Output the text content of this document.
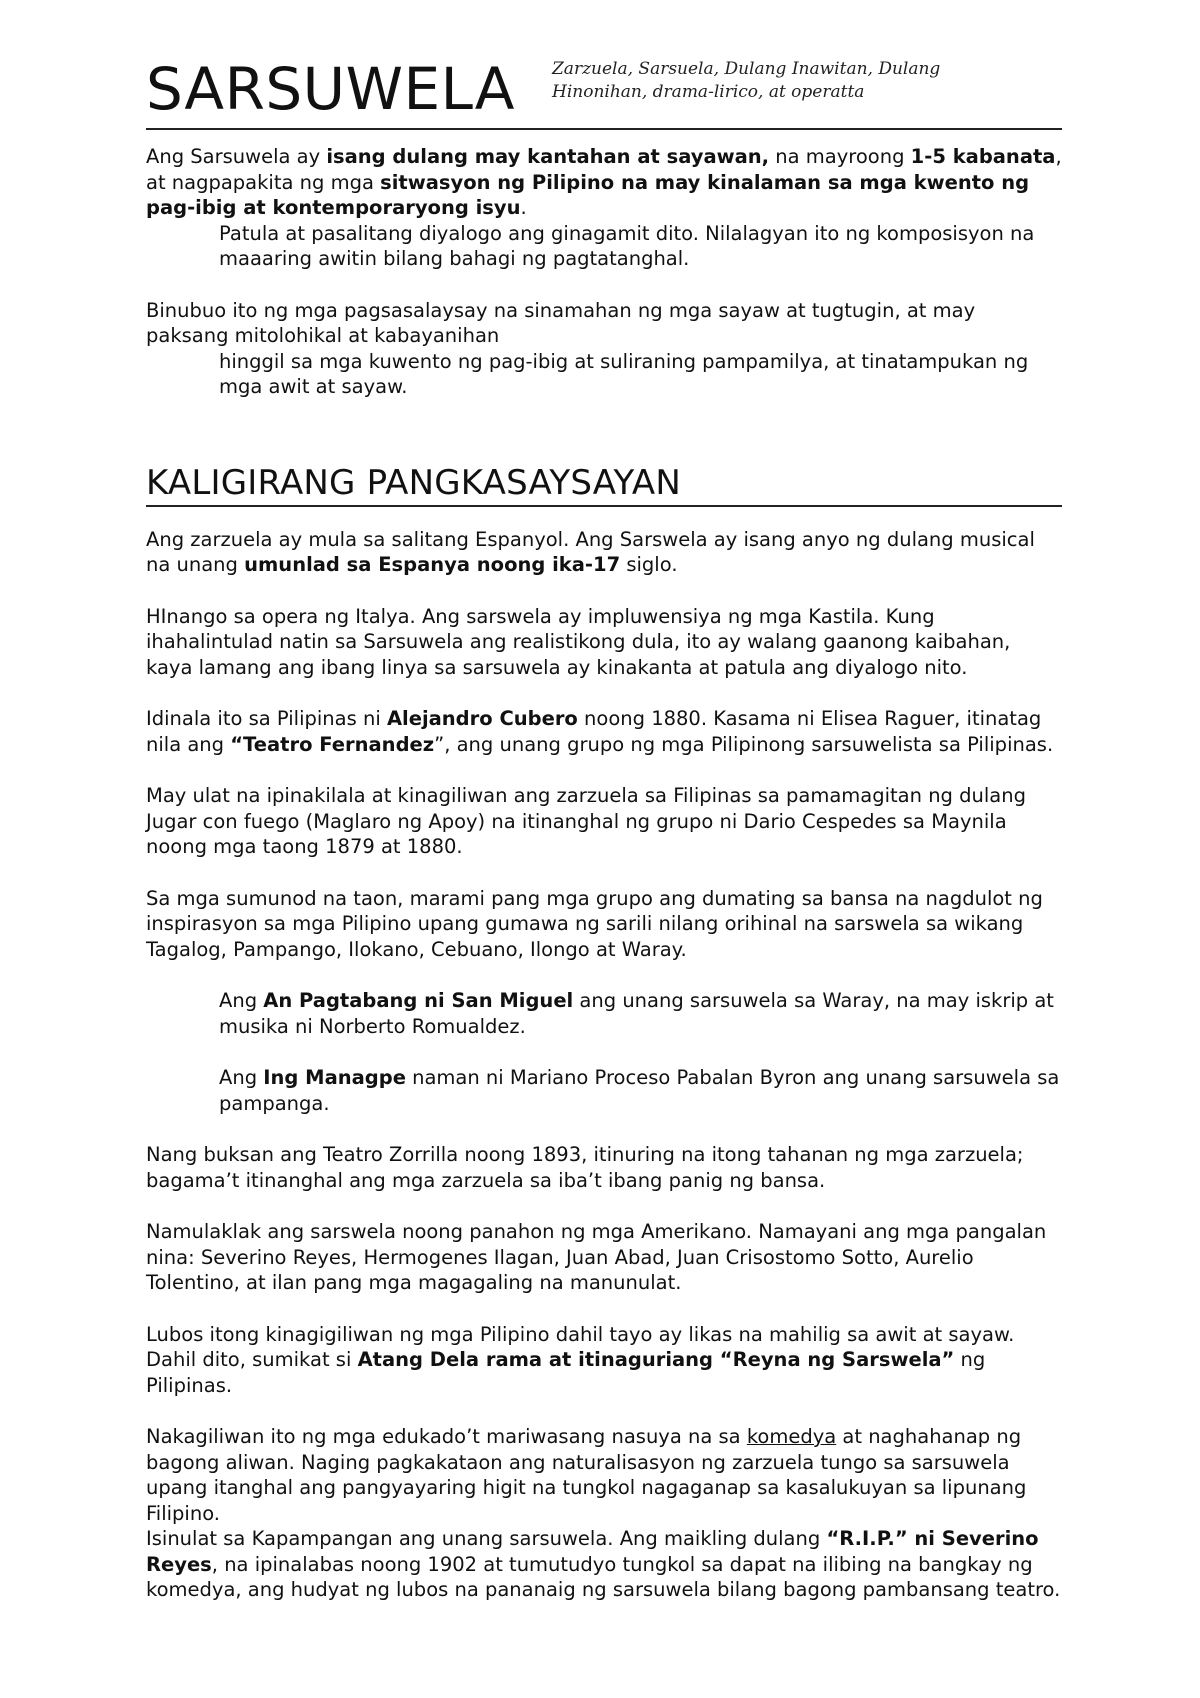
SARSUWELA	Zarzuela, Sarsuela, Dulang Inawitan, Dulang Hinonihan, drama-lirico, at operatta

Ang Sarsuwela ay isang dulang may kantahan at sayawan, na mayroong 1-5 kabanata, at nagpapakita ng mga sitwasyon ng Pilipino na may kinalaman sa mga kwento ng pag-ibig at kontemporaryong isyu.

Patula at pasalitang diyalogo ang ginagamit dito. Nilalagyan ito ng komposisyon na maaaring awitin bilang bahagi ng pagtatanghal.

Binubuo ito ng mga pagsasalaysay na sinamahan ng mga sayaw at tugtugin, at may paksang mitolohikal at kabayanihan

hinggil sa mga kuwento ng pag-ibig at suliraning pampamilya, at tinatampukan ng mga awit at sayaw.

KALIGIRANG PANGKASAYSAYAN

Ang zarzuela ay mula sa salitang Espanyol. Ang Sarswela ay isang anyo ng dulang musical na unang umunlad sa Espanya noong ika-17 siglo.

HInango sa opera ng Italya. Ang sarswela ay impluwensiya ng mga Kastila. Kung ihahalintulad natin sa Sarsuwela ang realistikong dula, ito ay walang gaanong kaibahan, kaya lamang ang ibang linya sa sarsuwela ay kinakanta at patula ang diyalogo nito.

Idinala ito sa Pilipinas ni Alejandro Cubero noong 1880. Kasama ni Elisea Raguer, itinatag nila ang “Teatro Fernandez”, ang unang grupo ng mga Pilipinong sarsuwelista sa Pilipinas.

May ulat na ipinakilala at kinagiliwan ang zarzuela sa Filipinas sa pamamagitan ng dulang Jugar con fuego (Maglaro ng Apoy) na itinanghal ng grupo ni Dario Cespedes sa Maynila noong mga taong 1879 at 1880.

Sa mga sumunod na taon, marami pang mga grupo ang dumating sa bansa na nagdulot ng inspirasyon sa mga Pilipino upang gumawa ng sarili nilang orihinal na sarswela sa wikang Tagalog, Pampango, Ilokano, Cebuano, Ilongo at Waray.

Ang An Pagtabang ni San Miguel ang unang sarsuwela sa Waray, na may iskrip at musika ni Norberto Romualdez.

Ang Ing Managpe naman ni Mariano Proceso Pabalan Byron ang unang sarsuwela sa pampanga.

Nang buksan ang Teatro Zorrilla noong 1893, itinuring na itong tahanan ng mga zarzuela; bagama’t itinanghal ang mga zarzuela sa iba’t ibang panig ng bansa.

Namulaklak ang sarswela noong panahon ng mga Amerikano. Namayani ang mga pangalan nina: Severino Reyes, Hermogenes Ilagan, Juan Abad, Juan Crisostomo Sotto, Aurelio Tolentino, at ilan pang mga magagaling na manunulat.

Lubos itong kinagigiliwan ng mga Pilipino dahil tayo ay likas na mahilig sa awit at sayaw. Dahil dito, sumikat si Atang Dela rama at itinaguriang “Reyna ng Sarswela” ng Pilipinas.

Nakagiliwan ito ng mga edukado’t mariwasang nasuya na sa komedya at naghahanap ng bagong aliwan. Naging pagkakataon ang naturalisasyon ng zarzuela tungo sa sarsuwela upang itanghal ang pangyayaring higit na tungkol nagaganap sa kasalukuyan sa lipunang Filipino.

Isinulat sa Kapampangan ang unang sarsuwela. Ang maikling dulang “R.I.P.” ni Severino Reyes, na ipinalabas noong 1902 at tumutudyo tungkol sa dapat na ilibing na bangkay ng komedya, ang hudyat ng lubos na pananaig ng sarsuwela bilang bagong pambansang teatro.
